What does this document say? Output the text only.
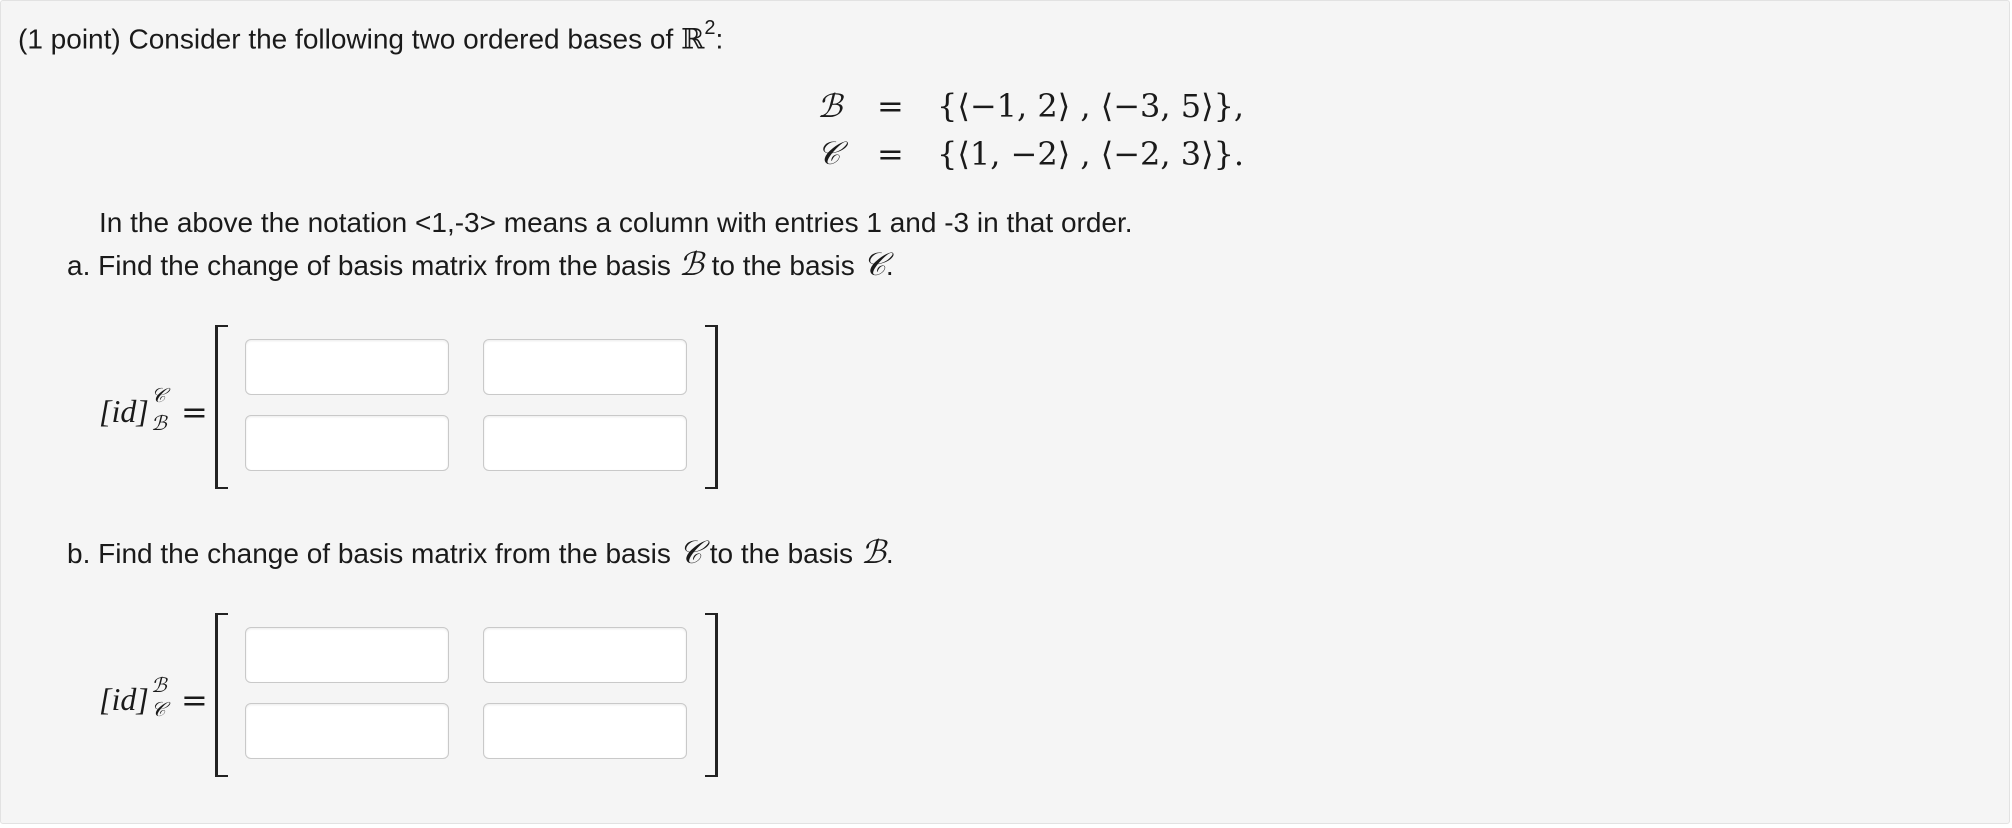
(1 point) Consider the following two ordered bases of ℝ$^2$:
ℬ = {⟨−1, 2⟩ , ⟨−3, 5⟩},
𝒞 = {⟨1, −2⟩ , ⟨−2, 3⟩}.
In the above the notation <1,-3> means a column with entries 1 and -3 in that order.
a. Find the change of basis matrix from the basis ℬ to the basis 𝒞.
[id] 𝒞
ℬ =
b. Find the change of basis matrix from the basis 𝒞 to the basis ℬ.
[id] ℬ
𝒞 =
